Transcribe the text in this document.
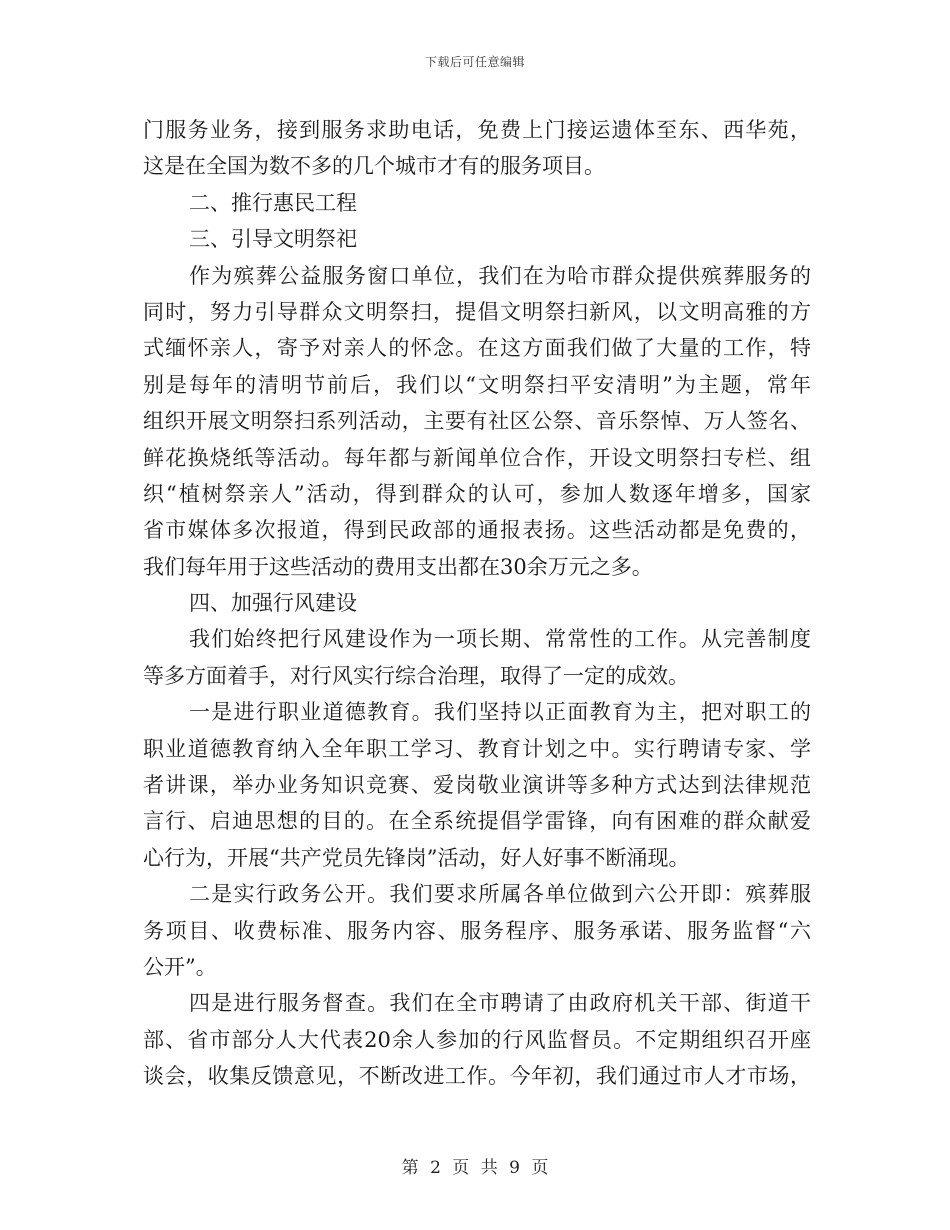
下载后可任意编辑
门服务业务，接到服务求助电话，免费上门接运遗体至东、西华苑，
这是在全国为数不多的几个城市才有的服务项目。
二、推行惠民工程
三、引导文明祭祀
作为殡葬公益服务窗口单位，我们在为哈市群众提供殡葬服务的
同时，努力引导群众文明祭扫，提倡文明祭扫新风，以文明高雅的方
式缅怀亲人，寄予对亲人的怀念。在这方面我们做了大量的工作，特
别是每年的清明节前后，我们以“文明祭扫平安清明”为主题，常年
组织开展文明祭扫系列活动，主要有社区公祭、音乐祭悼、万人签名、
鲜花换烧纸等活动。每年都与新闻单位合作，开设文明祭扫专栏、组
织“植树祭亲人”活动，得到群众的认可，参加人数逐年增多，国家
省市媒体多次报道，得到民政部的通报表扬。这些活动都是免费的，
我们每年用于这些活动的费用支出都在30余万元之多。
四、加强行风建设
我们始终把行风建设作为一项长期、常常性的工作。从完善制度
等多方面着手，对行风实行综合治理，取得了一定的成效。
一是进行职业道德教育。我们坚持以正面教育为主，把对职工的
职业道德教育纳入全年职工学习、教育计划之中。实行聘请专家、学
者讲课，举办业务知识竞赛、爱岗敬业演讲等多种方式达到法律规范
言行、启迪思想的目的。在全系统提倡学雷锋，向有困难的群众献爱
心行为，开展“共产党员先锋岗”活动，好人好事不断涌现。
二是实行政务公开。我们要求所属各单位做到六公开即：殡葬服
务项目、收费标准、服务内容、服务程序、服务承诺、服务监督“六
公开”。
四是进行服务督查。我们在全市聘请了由政府机关干部、街道干
部、省市部分人大代表20余人参加的行风监督员。不定期组织召开座
谈会，收集反馈意见，不断改进工作。今年初，我们通过市人才市场，
第 2 页 共 9 页
